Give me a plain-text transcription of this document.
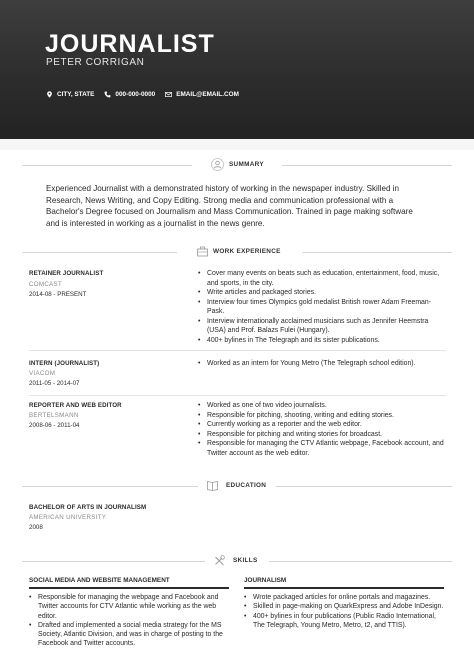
JOURNALIST
PETER CORRIGAN
CITY, STATE	000-000-0000	EMAIL@EMAIL.COM
SUMMARY
Experienced Journalist with a demonstrated history of working in the newspaper industry. Skilled in Research, News Writing, and Copy Editing. Strong media and communication professional with a Bachelor's Degree focused on Journalism and Mass Communication. Trained in page making software and is interested in working as a journalist in the news genre.
WORK EXPERIENCE
RETAINER JOURNALIST
COMCAST
2014-08 - PRESENT
• Cover many events on beats such as education, entertainment, food, music, and sports, in the city.
• Write articles and packaged stories.
• Interview four times Olympics gold medalist British rower Adam Freeman-Pask.
• Interview internationally acclaimed musicians such as Jennifer Heemstra (USA) and Prof. Balazs Fulei (Hungary).
• 400+ bylines in The Telegraph and its sister publications.
INTERN (JOURNALIST)
VIACOM
2011-05 - 2014-07
• Worked as an intern for Young Metro (The Telegraph school edition).
REPORTER AND WEB EDITOR
BERTELSMANN
2008-06 - 2011-04
• Worked as one of two video journalists.
• Responsible for pitching, shooting, writing and editing stories.
• Currently working as a reporter and the web editor.
• Responsible for pitching and writing stories for broadcast.
• Responsible for managing the CTV Atlantic webpage, Facebook account, and Twitter account as the web editor.
EDUCATION
BACHELOR OF ARTS IN JOURNALISM
AMERICAN UNIVERSITY
2008
SKILLS
SOCIAL MEDIA AND WEBSITE MANAGEMENT
• Responsible for managing the webpage and Facebook and Twitter accounts for CTV Atlantic while working as the web editor.
• Drafted and implemented a social media strategy for the MS Society, Atlantic Division, and was in charge of posting to the Facebook and Twitter accounts.
JOURNALISM
• Wrote packaged articles for online portals and magazines.
• Skilled in page-making on QuarkExpress and Adobe InDesign.
• 400+ bylines in four publications (Public Radio International, The Telegraph, Young Metro, Metro, t2, and TTIS).
